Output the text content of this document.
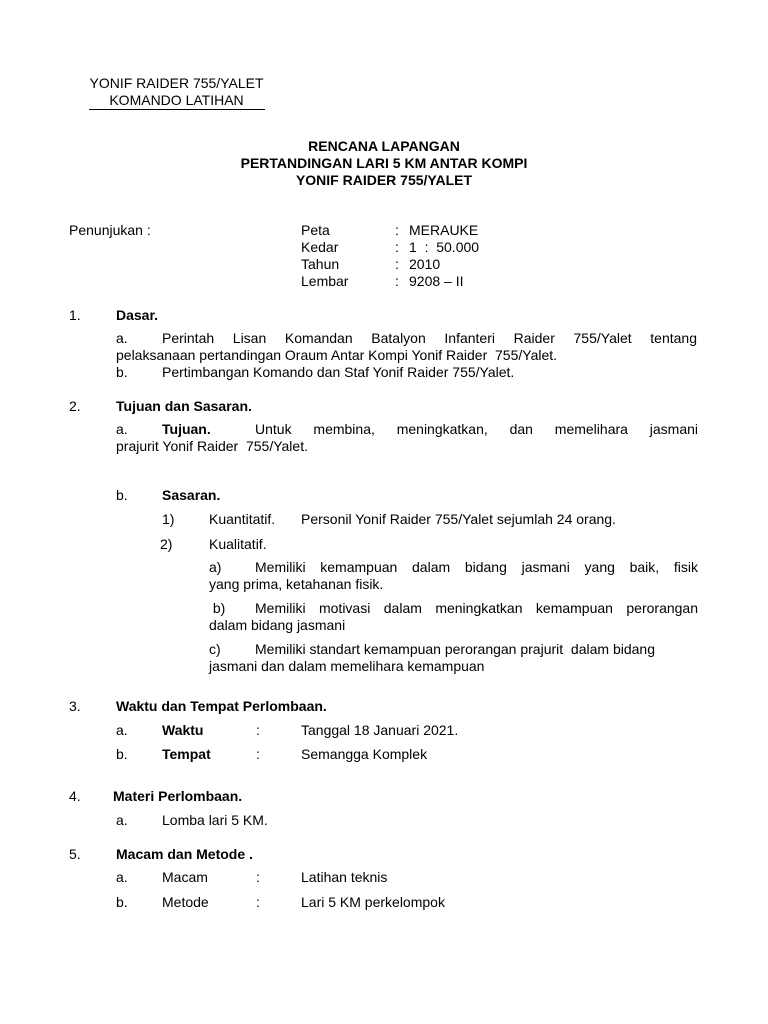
YONIF RAIDER 755/YALET
KOMANDO LATIHAN
RENCANA LAPANGAN
PERTANDINGAN LARI 5 KM ANTAR KOMPI
YONIF RAIDER 755/YALET
Penunjukan :	Peta	: MERAUKE
Kedar	: 1  :  50.000
Tahun	: 2010
Lembar	: 9208 – II
1.	Dasar.
a. Perintah Lisan Komandan Batalyon Infanteri Raider 755/Yalet tentang
pelaksanaan pertandingan Oraum Antar Kompi Yonif Raider  755/Yalet.
b. Pertimbangan Komando dan Staf Yonif Raider 755/Yalet.
2.	Tujuan dan Sasaran.
a. Tujuan.	Untuk membina, meningkatkan, dan memelihara jasmani
prajurit Yonif Raider  755/Yalet.
b. Sasaran.
1) Kuantitatif. Personil Yonif Raider 755/Yalet sejumlah 24 orang.
2)	Kualitatif.
a) Memiliki kemampuan dalam bidang jasmani yang baik, fisik
yang prima, ketahanan fisik.
b) Memiliki motivasi dalam meningkatkan kemampuan perorangan
dalam bidang jasmani
c) Memiliki standart kemampuan perorangan prajurit  dalam bidang
jasmani dan dalam memelihara kemampuan
3.	Waktu dan Tempat Perlombaan.
a. Waktu	:	Tanggal 18 Januari 2021.
b. Tempat	:	Semangga Komplek
4. Materi Perlombaan.
a. Lomba lari 5 KM.
5.	Macam dan Metode .
a. Macam	:	Latihan teknis
b. Metode	:	Lari 5 KM perkelompok
